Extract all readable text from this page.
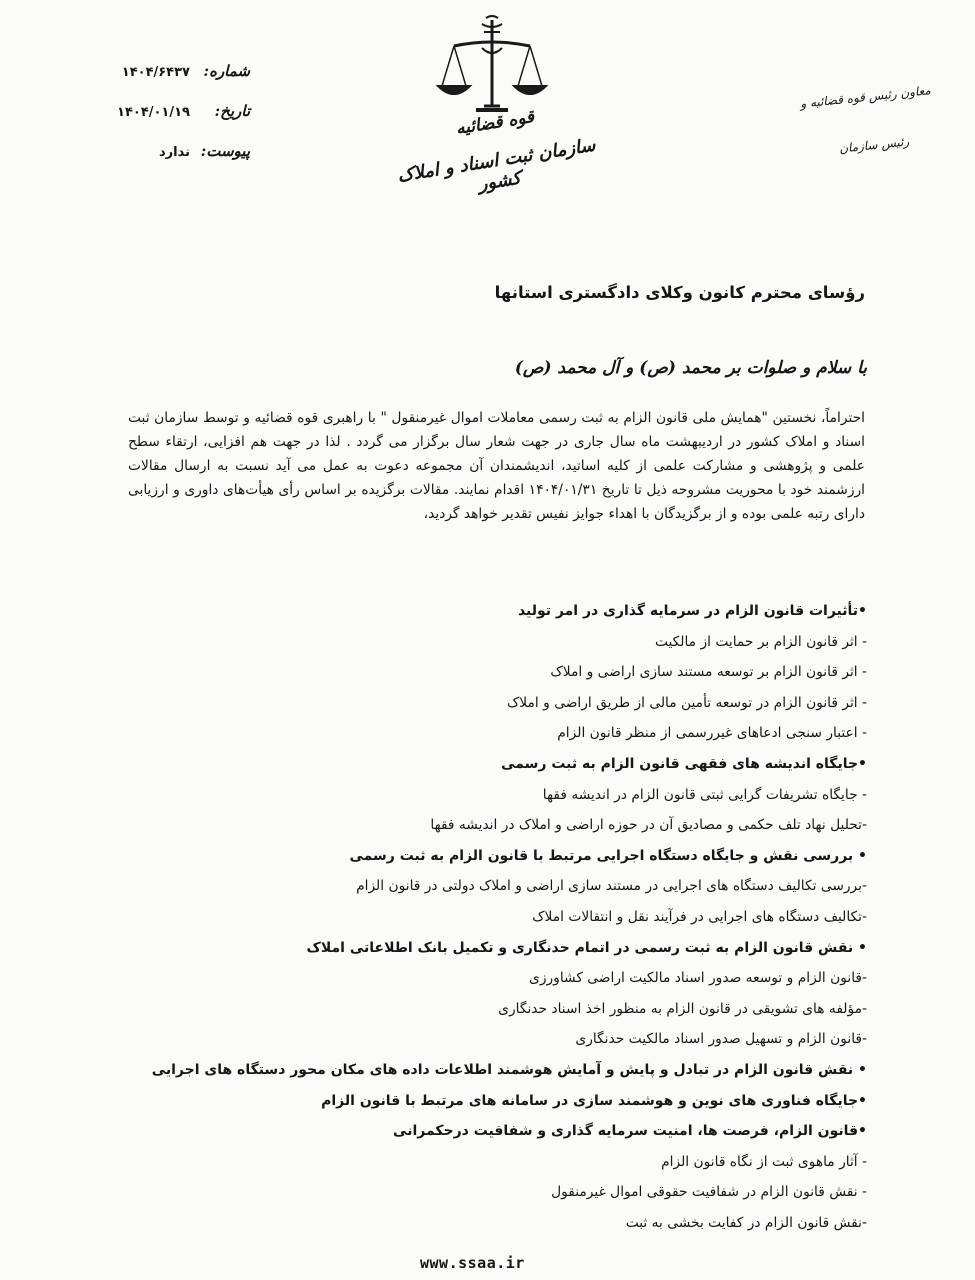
شماره:
۱۴۰۴/۶۴۳۷
تاریخ:
۱۴۰۴/۰۱/۱۹
پیوست:
ندارد
قوه قضائیه
سازمان ثبت اسناد و املاک کشور
معاون رئیس قوه قضائیه و
رئیس سازمان
رؤسای محترم کانون وکلای دادگستری استانها
با سلام و صلوات بر محمد (ص) و آل محمد (ص)
احتراماً، نخستین "همایش ملی قانون الزام به ثبت رسمی معاملات اموال غیرمنقول " با راهبری قوه قضائیه و توسط سازمان ثبت اسناد و املاک کشور در اردیبهشت ماه سال جاری در جهت شعار سال برگزار می گردد . لذا در جهت هم افزایی، ارتقاء سطح علمی و پژوهشی و مشارکت علمی از کلیه اساتید، اندیشمندان آن مجموعه دعوت به عمل می آید نسبت به ارسال مقالات ارزشمند خود با محوریت مشروحه ذیل تا تاریخ ۱۴۰۴/۰۱/۳۱ اقدام نمایند. مقالات برگزیده بر اساس رأی هیأت‌های داوری و ارزیابی دارای رتبه علمی بوده و از برگزیدگان با اهداء جوایز نفیس تقدیر خواهد گردید،
•تأثیرات قانون الزام در سرمایه گذاری در امر تولید
- اثر قانون الزام بر حمایت از مالکیت
- اثر قانون الزام بر توسعه مستند سازی اراضی و املاک
- اثر قانون الزام در توسعه تأمین مالی از طریق اراضی و املاک
- اعتبار سنجی ادعاهای غیررسمی از منظر قانون الزام
•جایگاه اندیشه های فقهی قانون الزام به ثبت رسمی
- جایگاه تشریفات گرایی ثبتی قانون الزام در اندیشه فقها
-تحلیل نهاد تلف حکمی و مصادیق آن در حوزه اراضی و املاک در اندیشه فقها
• بررسی نقش و جایگاه دستگاه اجرایی مرتبط با قانون الزام به ثبت رسمی
-بررسی تکالیف دستگاه های اجرایی در مستند سازی اراضی و املاک دولتی در قانون الزام
-تکالیف دستگاه های اجرایی در فرآیند نقل و انتقالات املاک
• نقش قانون الزام به ثبت رسمی در اتمام حدنگاری و تکمیل بانک اطلاعاتی املاک
-قانون الزام و توسعه صدور اسناد مالکیت اراضی کشاورزی
-مؤلفه های تشویقی در قانون الزام به منظور اخذ اسناد حدنگاری
-قانون الزام و تسهیل صدور اسناد مالکیت حدنگاری
• نقش قانون الزام در تبادل و پایش و آمایش هوشمند اطلاعات داده های مکان محور دستگاه های اجرایی
•جایگاه فناوری های نوین و هوشمند سازی در سامانه های مرتبط با قانون الزام
•قانون الزام، فرصت ها، امنیت سرمایه گذاری و شفافیت درحکمرانی
- آثار ماهوی ثبت از نگاه قانون الزام
- نقش قانون الزام در شفافیت حقوقی اموال غیرمنقول
-نقش قانون الزام در کفایت بخشی به ثبت
www.ssaa.ir
